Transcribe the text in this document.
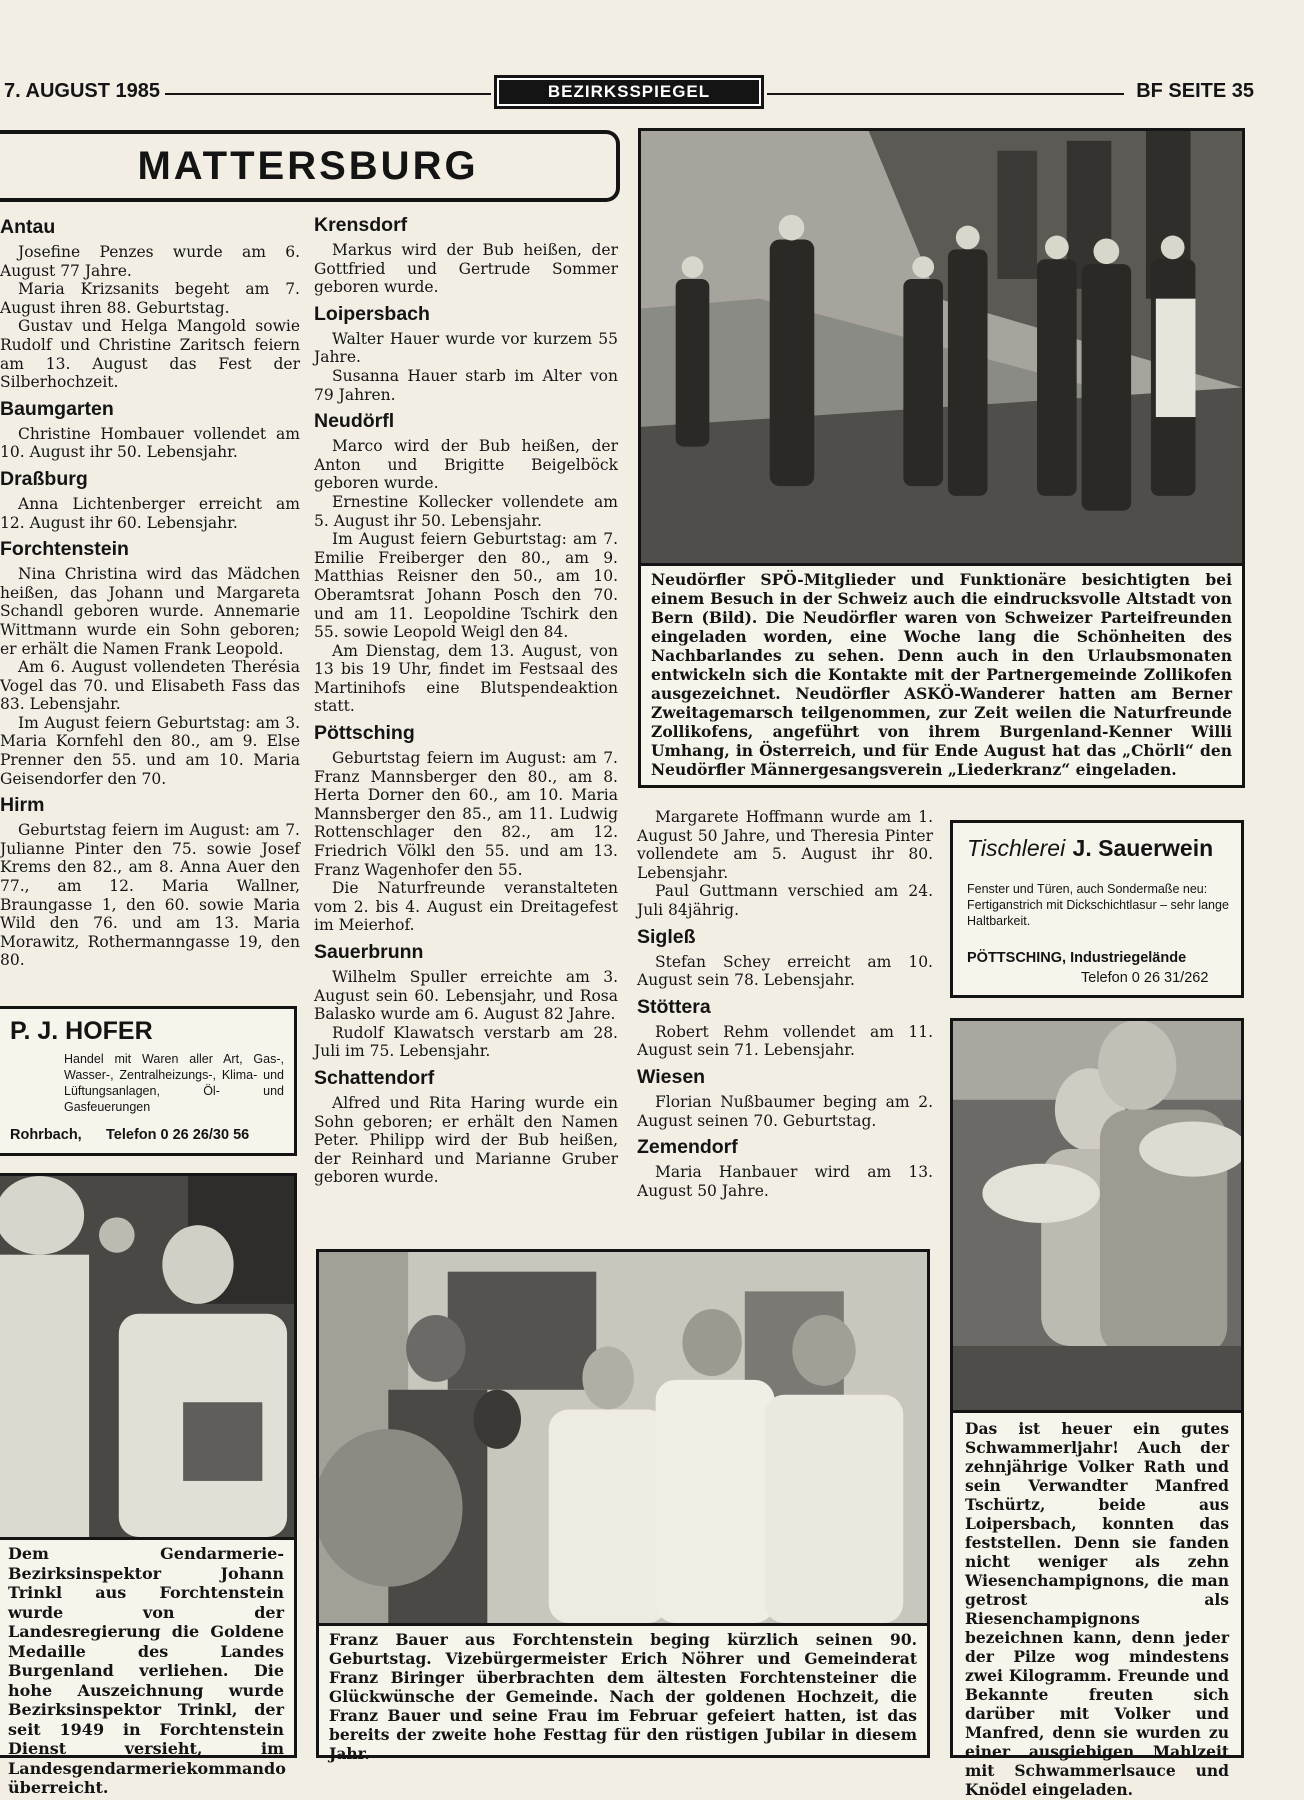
7. AUGUST 1985	BEZIRKSSPIEGEL	BF SEITE 35
MATTERSBURG
Antau

Josefine Penzes wurde am 6. August 77 Jahre.

Maria Krizsanits begeht am 7. August ihren 88. Geburtstag.

Gustav und Helga Mangold sowie Rudolf und Christine Zaritsch feiern am 13. August das Fest der Silberhochzeit.

Baumgarten

Christine Hombauer vollendet am 10. August ihr 50. Lebensjahr.

Draßburg

Anna Lichtenberger erreicht am 12. August ihr 60. Lebensjahr.

Forchtenstein

Nina Christina wird das Mädchen heißen, das Johann und Margareta Schandl geboren wurde. Annemarie Wittmann wurde ein Sohn geboren; er erhält die Namen Frank Leopold.

Am 6. August vollendeten Therésia Vogel das 70. und Elisabeth Fass das 83. Lebensjahr.

Im August feiern Geburtstag: am 3. Maria Kornfehl den 80., am 9. Else Prenner den 55. und am 10. Maria Geisendorfer den 70.

Hirm

Geburtstag feiern im August: am 7. Julianne Pinter den 75. sowie Josef Krems den 82., am 8. Anna Auer den 77., am 12. Maria Wallner, Braungasse 1, den 60. sowie Maria Wild den 76. und am 13. Maria Morawitz, Rothermanngasse 19, den 80.

Krensdorf

Markus wird der Bub heißen, der Gottfried und Gertrude Sommer geboren wurde.

Loipersbach

Walter Hauer wurde vor kurzem 55 Jahre.

Susanna Hauer starb im Alter von 79 Jahren.

Neudörfl

Marco wird der Bub heißen, der Anton und Brigitte Beigelböck geboren wurde.

Ernestine Kollecker vollendete am 5. August ihr 50. Lebensjahr.

Im August feiern Geburtstag: am 7. Emilie Freiberger den 80., am 9. Matthias Reisner den 50., am 10. Oberamtsrat Johann Posch den 70. und am 11. Leopoldine Tschirk den 55. sowie Leopold Weigl den 84.

Am Dienstag, dem 13. August, von 13 bis 19 Uhr, findet im Festsaal des Martinihofs eine Blutspendeaktion statt.

Pöttsching

Geburtstag feiern im August: am 7. Franz Mannsberger den 80., am 8. Herta Dorner den 60., am 10. Maria Mannsberger den 85., am 11. Ludwig Rottenschlager den 82., am 12. Friedrich Völkl den 55. und am 13. Franz Wagenhofer den 55.

Die Naturfreunde veranstalteten vom 2. bis 4. August ein Dreitagefest im Meierhof.

Sauerbrunn

Wilhelm Spuller erreichte am 3. August sein 60. Lebensjahr, und Rosa Balasko wurde am 6. August 82 Jahre.

Rudolf Klawatsch verstarb am 28. Juli im 75. Lebensjahr.

Schattendorf

Alfred und Rita Haring wurde ein Sohn geboren; er erhält den Namen Peter. Philipp wird der Bub heißen, der Reinhard und Marianne Gruber geboren wurde.

Margarete Hoffmann wurde am 1. August 50 Jahre, und Theresia Pinter vollendete am 5. August ihr 80. Lebensjahr.

Paul Guttmann verschied am 24. Juli 84jährig.

Sigleß

Stefan Schey erreicht am 10. August sein 78. Lebensjahr.

Stöttera

Robert Rehm vollendet am 11. August sein 71. Lebensjahr.

Wiesen

Florian Nußbaumer beging am 2. August seinen 70. Geburtstag.

Zemendorf

Maria Hanbauer wird am 13. August 50 Jahre.

Neudörfler SPÖ-Mitglieder und Funktionäre besichtigten bei einem Besuch in der Schweiz auch die eindrucksvolle Altstadt von Bern (Bild). Die Neudörfler waren von Schweizer Parteifreunden eingeladen worden, eine Woche lang die Schönheiten des Nachbarlandes zu sehen. Denn auch in den Urlaubsmonaten entwickeln sich die Kontakte mit der Partnergemeinde Zollikofen ausgezeichnet. Neudörfler ASKÖ-Wanderer hatten am Berner Zweitagemarsch teilgenommen, zur Zeit weilen die Naturfreunde Zollikofens, angeführt von ihrem Burgenland-Kenner Willi Umhang, in Österreich, und für Ende August hat das „Chörli“ den Neudörfler Männergesangsverein „Liederkranz“ eingeladen.
Tischlerei J. Sauerwein
Fenster und Türen, auch Sondermaße neu: Fertiganstrich mit Dickschichtlasur – sehr lange Haltbarkeit.
PÖTTSCHING, Industriegelände
Telefon 0 26 31/262
P. J. HOFER
Handel mit Waren aller Art, Gas-, Wasser-, Zentralheizungs-, Klima- und Lüftungsanlagen, Öl- und Gasfeuerungen
Rohrbach, Telefon 0 26 26/30 56
Das ist heuer ein gutes Schwammerljahr! Auch der zehnjährige Volker Rath und sein Verwandter Manfred Tschürtz, beide aus Loipersbach, konnten das feststellen. Denn sie fanden nicht weniger als zehn Wiesenchampignons, die man getrost als Riesenchampignons bezeichnen kann, denn jeder der Pilze wog mindestens zwei Kilogramm. Freunde und Bekannte freuten sich darüber mit Volker und Manfred, denn sie wurden zu einer ausgiebigen Mahlzeit mit Schwammerlsauce und Knödel eingeladen.
Dem Gendarmerie-Bezirksinspektor Johann Trinkl aus Forchtenstein wurde von der Landesregierung die Goldene Medaille des Landes Burgenland verliehen. Die hohe Auszeichnung wurde Bezirksinspektor Trinkl, der seit 1949 in Forchtenstein Dienst versieht, im Landesgendarmeriekommando überreicht.
Franz Bauer aus Forchtenstein beging kürzlich seinen 90. Geburtstag. Vizebürgermeister Erich Nöhrer und Gemeinderat Franz Biringer überbrachten dem ältesten Forchtensteiner die Glückwünsche der Gemeinde. Nach der goldenen Hochzeit, die Franz Bauer und seine Frau im Februar gefeiert hatten, ist das bereits der zweite hohe Festtag für den rüstigen Jubilar in diesem Jahr.
